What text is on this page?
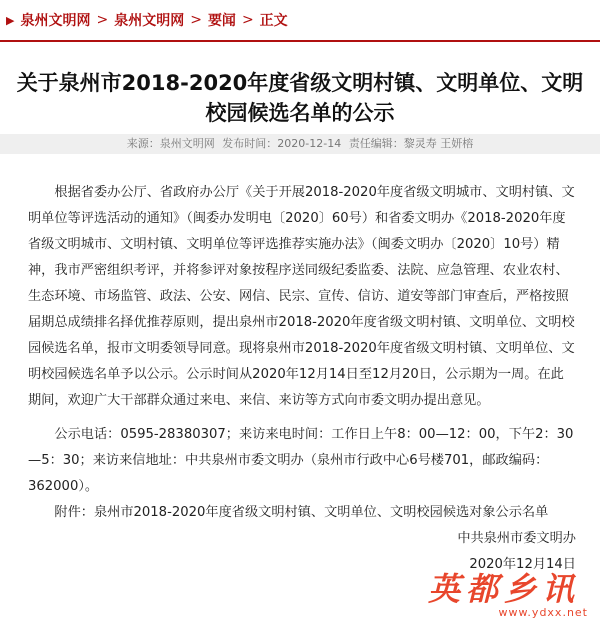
▶ 泉州文明网 > 泉州文明网 > 要闻 > 正文
关于泉州市2018-2020年度省级文明村镇、文明单位、文明校园候选名单的公示
来源：泉州文明网 发布时间：2020-12-14 责任编辑：黎灵寿 王妍榕

根据省委办公厅、省政府办公厅《关于开展2018-2020年度省级文明城市、文明村镇、文明单位等评选活动的通知》（闽委办发明电〔2020〕60号）和省委文明办《2018-2020年度省级文明城市、文明村镇、文明单位等评选推荐实施办法》（闽委文明办〔2020〕10号）精神，我市严密组织考评，并将参评对象按程序送同级纪委监委、法院、应急管理、农业农村、生态环境、市场监管、政法、公安、网信、民宗、宣传、信访、道安等部门审查后，严格按照届期总成绩排名择优推荐原则，提出泉州市2018-2020年度省级文明村镇、文明单位、文明校园候选名单，报市文明委领导同意。现将泉州市2018-2020年度省级文明村镇、文明单位、文明校园候选名单予以公示。公示时间从2020年12月14日至12月20日，公示期为一周。在此期间，欢迎广大干部群众通过来电、来信、来访等方式向市委文明办提出意见。

公示电话：0595-28380307；来访来电时间：工作日上午8：00—12：00，下午2：30—5：30；来访来信地址：中共泉州市委文明办（泉州市行政中心6号楼701，邮政编码：362000）。

附件：泉州市2018-2020年度省级文明村镇、文明单位、文明校园候选对象公示名单

中共泉州市委文明办

2020年12月14日

英都乡讯
www.ydxx.net
